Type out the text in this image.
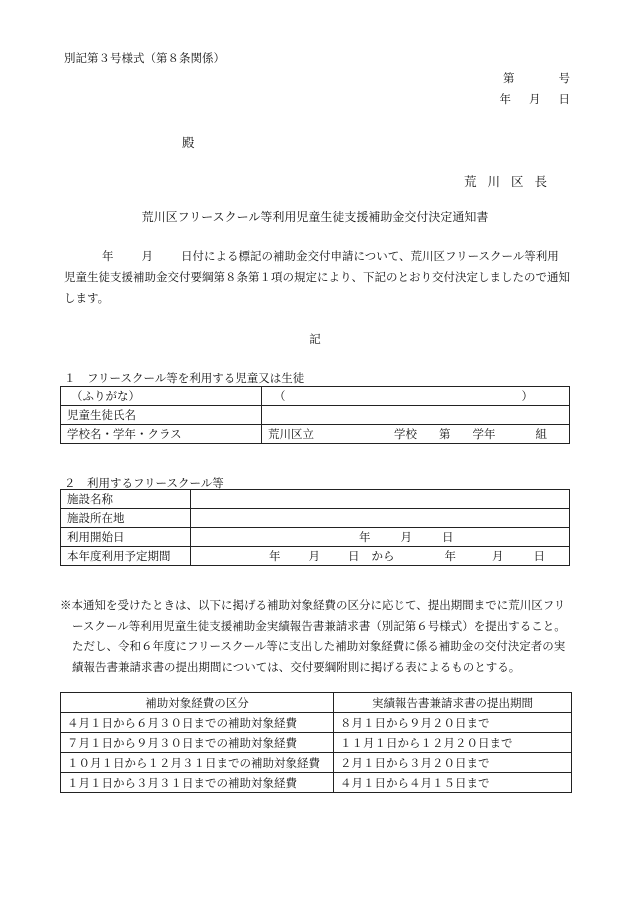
別記第３号様式（第８条関係）
第	号
年 月 日
殿
荒川区長
荒川区フリースクール等利用児童生徒支援補助金交付決定通知書
年 月 日付による標記の補助金交付申請について、荒川区フリースクール等利用児童生徒支援補助金交付要綱第８条第１項の規定により、下記のとおり交付決定しましたので通知します。
記
１　フリースクール等を利用する児童又は生徒
（ふりがな）	（ ）

児童生徒氏名	
学校名・学年・クラス	荒川区立 学校 第 学年 組
２　利用するフリースクール等
施設名称	
施設所在地	
利用開始日	年 月 日
本年度利用予定期間	年 月 日 から 年 月 日

※本通知を受けたときは、以下に掲げる補助対象経費の区分に応じて、提出期間までに荒川区フリースクール等利用児童生徒支援補助金実績報告書兼請求書（別記第６号様式）を提出すること。ただし、令和６年度にフリースクール等に支出した補助対象経費に係る補助金の交付決定者の実績報告書兼請求書の提出期間については、交付要綱附則に掲げる表によるものとする。

補助対象経費の区分	実績報告書兼請求書の提出期間
４月１日から６月３０日までの補助対象経費	８月１日から９月２０日まで
７月１日から９月３０日までの補助対象経費	１１月１日から１２月２０日まで
１０月１日から１２月３１日までの補助対象経費	２月１日から３月２０日まで
１月１日から３月３１日までの補助対象経費	４月１日から４月１５日まで
